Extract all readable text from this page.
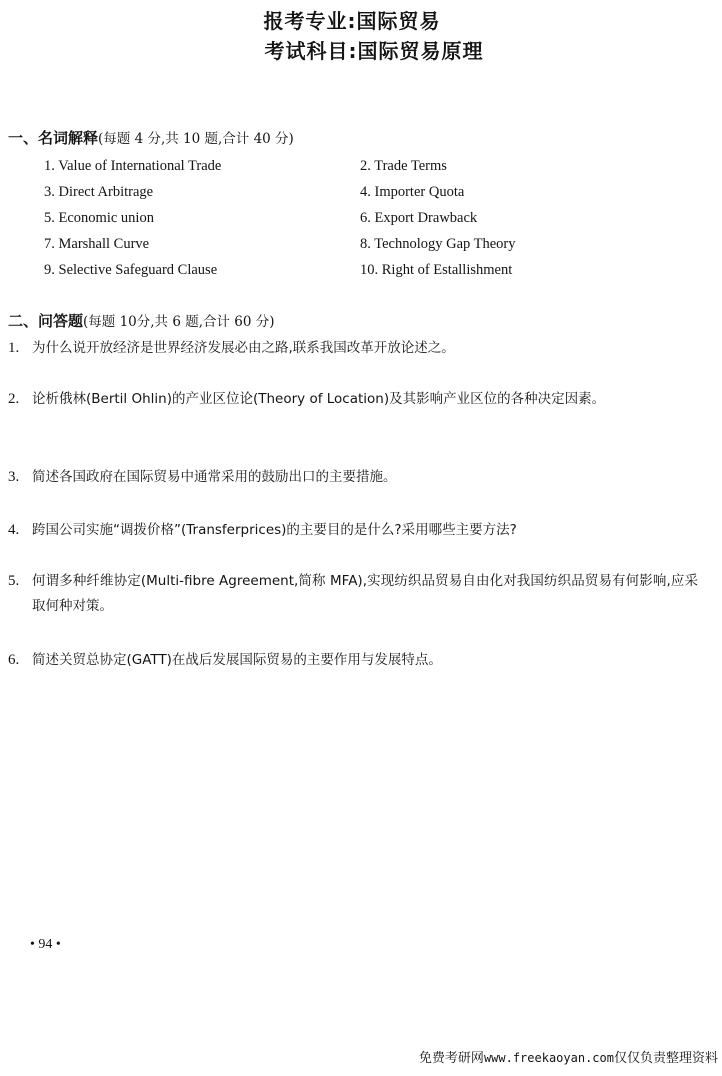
报考专业:国际贸易
考试科目:国际贸易原理
一、名词解释(每题 4 分,共 10 题,合计 40 分)
1. Value of International Trade	2. Trade Terms
3. Direct Arbitrage	4. Importer Quota
5. Economic union	6. Export Drawback
7. Marshall Curve	8. Technology Gap Theory
9. Selective Safeguard Clause	10. Right of Estallishment
二、问答题(每题 10分,共 6 题,合计 60 分)
1. 为什么说开放经济是世界经济发展必由之路,联系我国改革开放论述之。
2. 论析俄林(Bertil Ohlin)的产业区位论(Theory of Location)及其影响产业区位的各种决定因素。
3. 简述各国政府在国际贸易中通常采用的鼓励出口的主要措施。
4. 跨国公司实施“调拨价格”(Transferprices)的主要目的是什么?采用哪些主要方法?
5. 何谓多种纤维协定(Multi-fibre Agreement,简称 MFA),实现纺织品贸易自由化对我国纺织品贸易有何影响,应采取何种对策。
6. 简述关贸总协定(GATT)在战后发展国际贸易的主要作用与发展特点。
• 94 •
免费考研网www.freekaoyan.com仅仅负责整理资料
